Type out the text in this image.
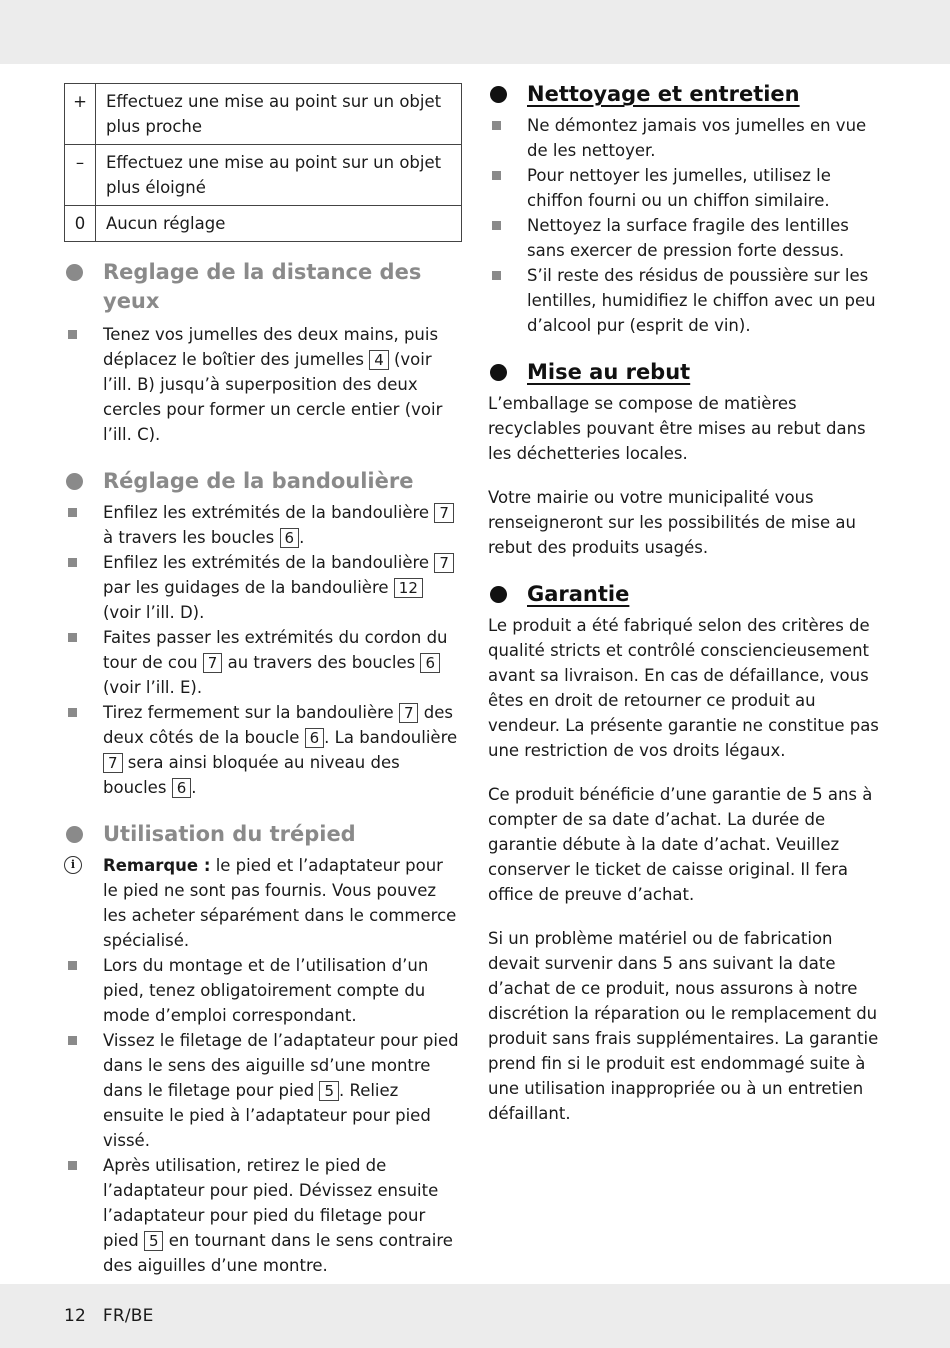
+	Effectuez une mise au point sur un objet plus proche
–	Effectuez une mise au point sur un objet plus éloigné
0	Aucun réglage
Reglage de la distance des yeux
Tenez vos jumelles des deux mains, puis déplacez le boîtier des jumelles 4 (voir l’ill. B) jusqu’à superposition des deux cercles pour former un cercle entier (voir l’ill. C).
Réglage de la bandoulière
Enfilez les extrémités de la bandoulière 7 à travers les boucles 6 .
Enfilez les extrémités de la bandoulière 7 par les guidages de la bandoulière 12 (voir l’ill. D).
Faites passer les extrémités du cordon du tour de cou 7 au travers des boucles 6 (voir l’ill. E).
Tirez fermement sur la bandoulière 7 des deux côtés de la boucle 6 . La bandoulière 7 sera ainsi bloquée au niveau des boucles 6 .
Utilisation du trépied
i	Remarque : le pied et l’adaptateur pour le pied ne sont pas fournis. Vous pouvez les acheter séparément dans le commerce spécialisé.
Lors du montage et de l’utilisation d’un pied, tenez obligatoirement compte du mode d’emploi correspondant.
Vissez le filetage de l’adaptateur pour pied dans le sens des aiguille sd’une montre dans le filetage pour pied 5 . Reliez ensuite le pied à l’adaptateur pour pied vissé.
Après utilisation, retirez le pied de l’adaptateur pour pied. Dévissez ensuite l’adaptateur pour pied du filetage pour pied 5 en tournant dans le sens contraire des aiguilles d’une montre.
Nettoyage et entretien
Ne démontez jamais vos jumelles en vue de les nettoyer.
Pour nettoyer les jumelles, utilisez le chiffon fourni ou un chiffon similaire.
Nettoyez la surface fragile des lentilles sans exercer de pression forte dessus.
S’il reste des résidus de poussière sur les lentilles, humidifiez le chiffon avec un peu d’alcool pur (esprit de vin).
Mise au rebut

L’emballage se compose de matières recyclables pouvant être mises au rebut dans les déchetteries locales.

Votre mairie ou votre municipalité vous renseigneront sur les possibilités de mise au rebut des produits usagés.

Garantie

Le produit a été fabriqué selon des critères de qualité stricts et contrôlé consciencieusement avant sa livraison. En cas de défaillance, vous êtes en droit de retourner ce produit au vendeur. La présente garantie ne constitue pas une restriction de vos droits légaux.

Ce produit bénéficie d’une garantie de 5 ans à compter de sa date d’achat. La durée de garantie débute à la date d’achat. Veuillez conserver le ticket de caisse original. Il fera office de preuve d’achat.

Si un problème matériel ou de fabrication devait survenir dans 5 ans suivant la date d’achat de ce produit, nous assurons à notre discrétion la réparation ou le remplacement du produit sans frais supplémentaires. La garantie prend fin si le produit est endommagé suite à une utilisation inappropriée ou à un entretien défaillant.

12 FR/BE
